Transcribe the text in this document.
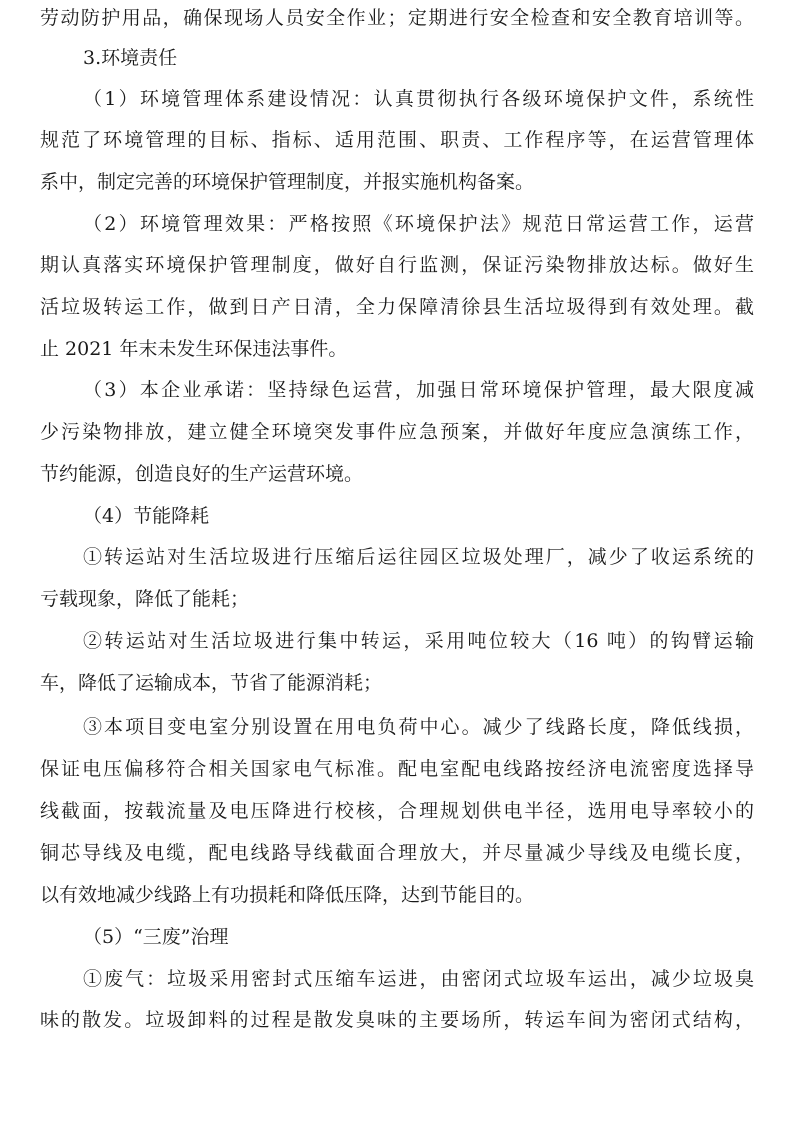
劳动防护用品，确保现场人员安全作业；定期进行安全检查和安全教育培训等。
3.环境责任
（1）环境管理体系建设情况：认真贯彻执行各级环境保护文件，系统性
规范了环境管理的目标、指标、适用范围、职责、工作程序等，在运营管理体
系中，制定完善的环境保护管理制度，并报实施机构备案。
（2）环境管理效果：严格按照《环境保护法》规范日常运营工作，运营
期认真落实环境保护管理制度，做好自行监测，保证污染物排放达标。做好生
活垃圾转运工作，做到日产日清，全力保障清徐县生活垃圾得到有效处理。截
止 2021 年末未发生环保违法事件。
（3）本企业承诺：坚持绿色运营，加强日常环境保护管理，最大限度减
少污染物排放，建立健全环境突发事件应急预案，并做好年度应急演练工作，
节约能源，创造良好的生产运营环境。
（4）节能降耗
①转运站对生活垃圾进行压缩后运往园区垃圾处理厂，减少了收运系统的
亏载现象，降低了能耗；
②转运站对生活垃圾进行集中转运，采用吨位较大（16 吨）的钩臂运输
车，降低了运输成本，节省了能源消耗；
③本项目变电室分别设置在用电负荷中心。减少了线路长度，降低线损，
保证电压偏移符合相关国家电气标准。配电室配电线路按经济电流密度选择导
线截面，按载流量及电压降进行校核，合理规划供电半径，选用电导率较小的
铜芯导线及电缆，配电线路导线截面合理放大，并尽量减少导线及电缆长度，
以有效地减少线路上有功损耗和降低压降，达到节能目的。
（5）“三废”治理
①废气：垃圾采用密封式压缩车运进，由密闭式垃圾车运出，减少垃圾臭
味的散发。垃圾卸料的过程是散发臭味的主要场所，转运车间为密闭式结构，
